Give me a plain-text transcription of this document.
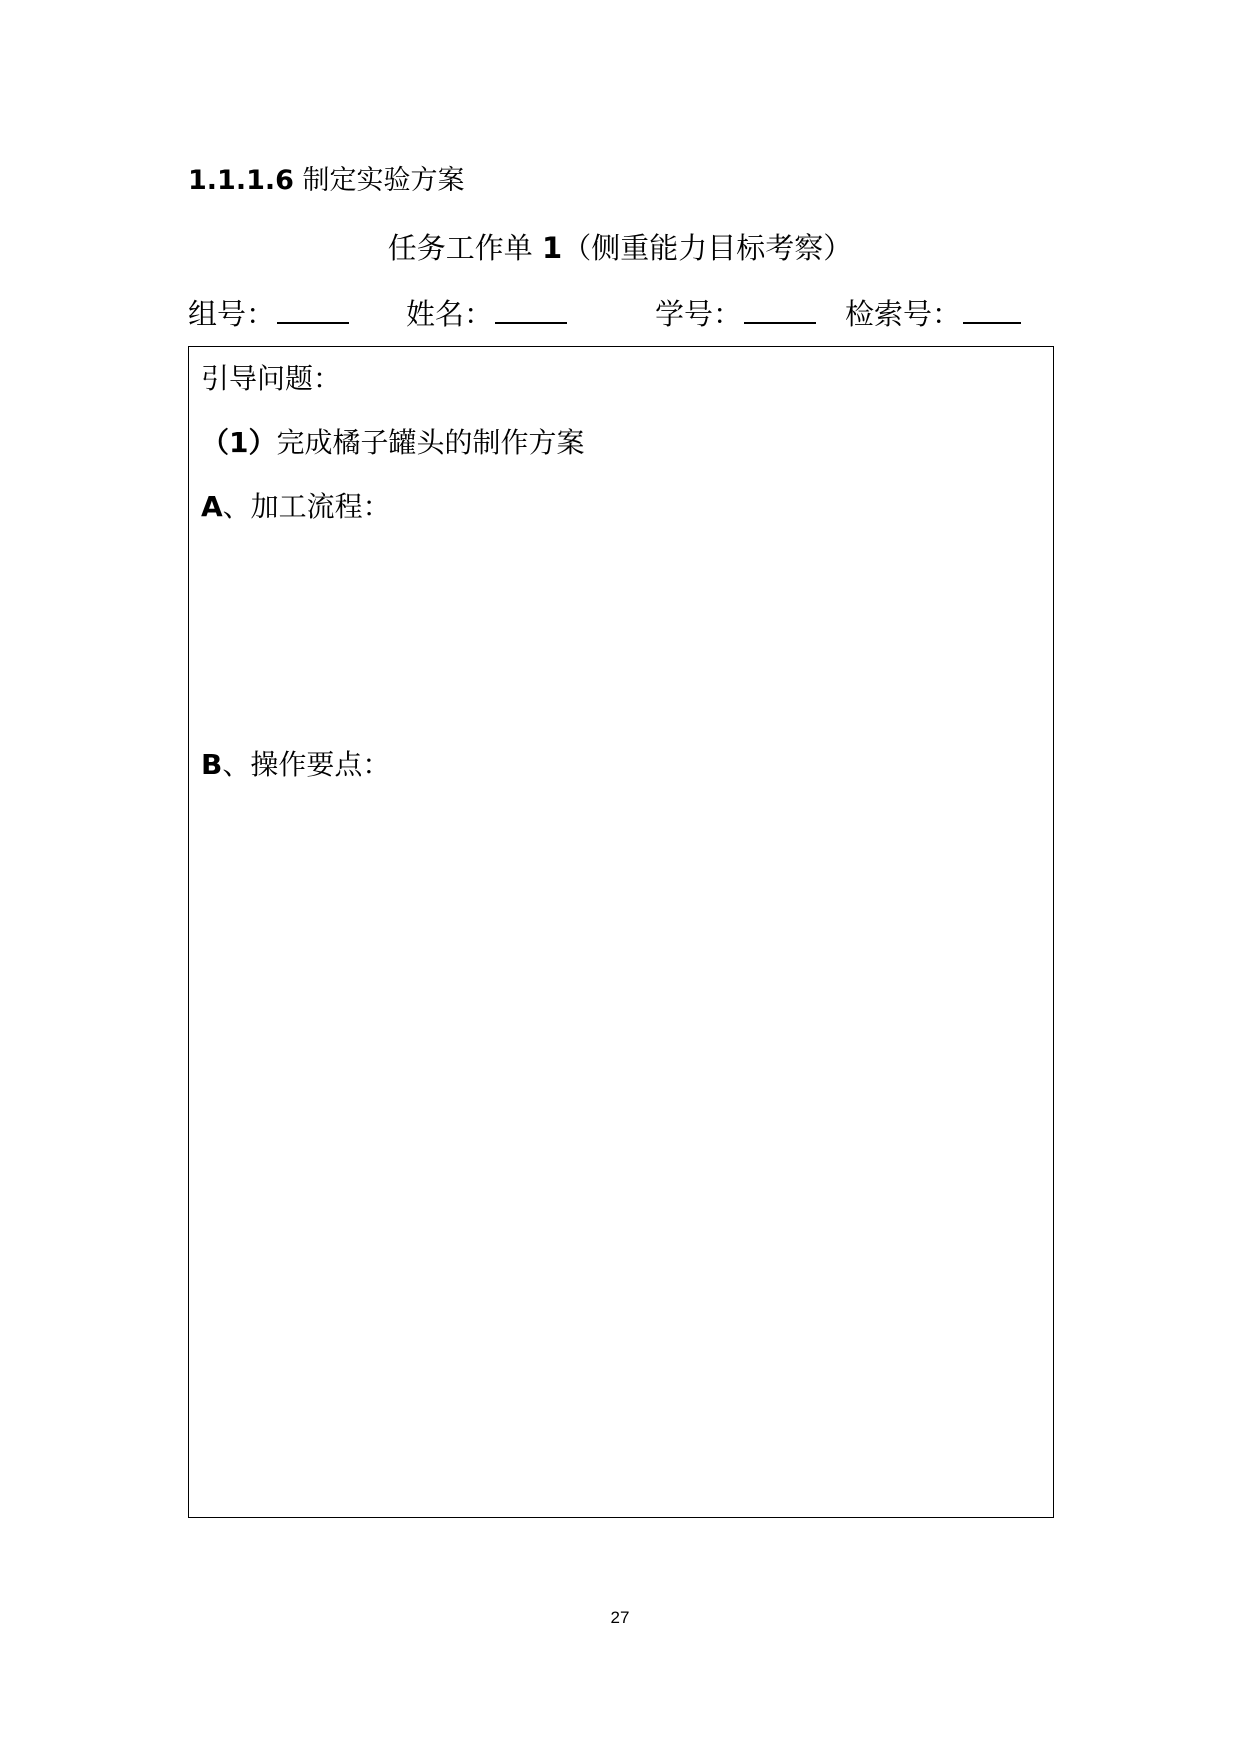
1.1.1.6 制定实验方案
任务工作单 1（侧重能力目标考察）
组号：	姓名：	学号：	检索号：
引导问题：
（1）完成橘子罐头的制作方案
A、加工流程：
B、操作要点：
27
